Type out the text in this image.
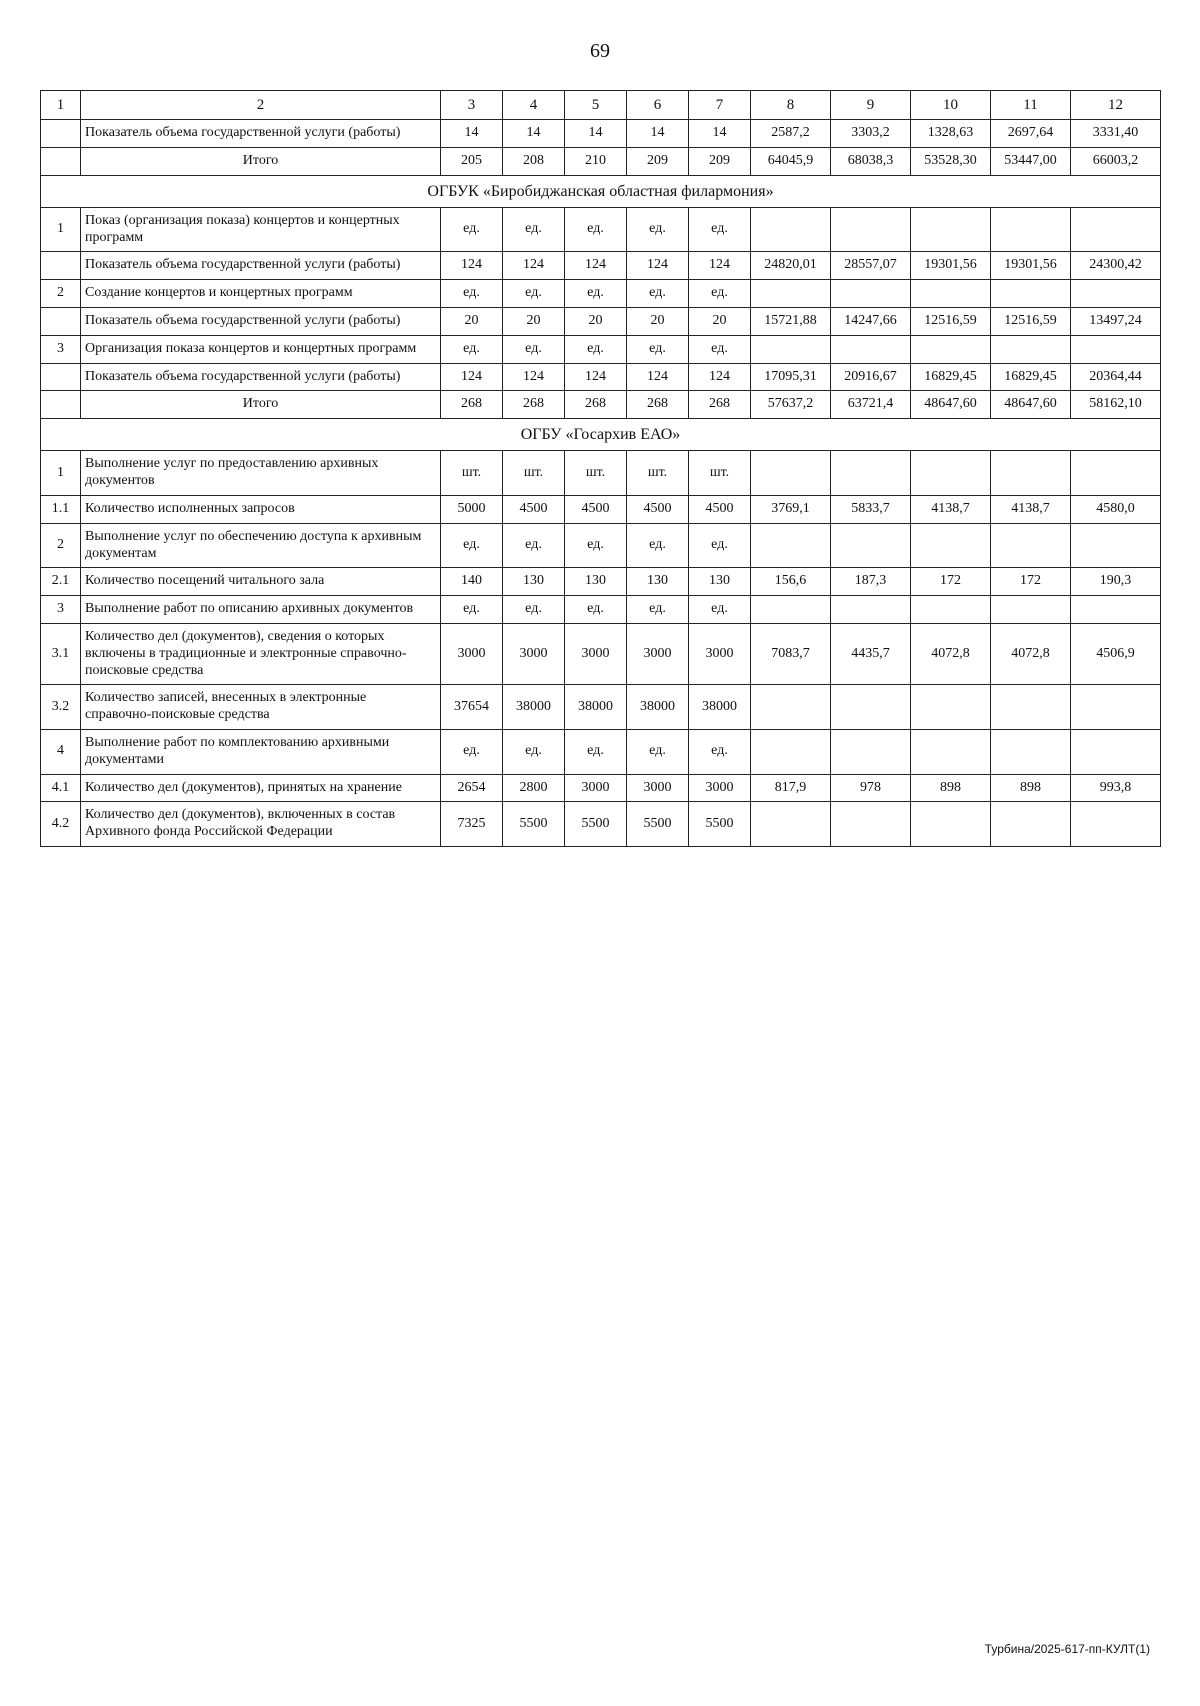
69
1	2	3	4	5	6	7	8	9	10	11	12
	Показатель объема государственной услуги (работы)	14	14	14	14	14	2587,2	3303,2	1328,63	2697,64	3331,40
	Итого	205	208	210	209	209	64045,9	68038,3	53528,30	53447,00	66003,2
ОГБУК «Биробиджанская областная филармония»											
1	Показ (организация показа) концертов и концертных программ	ед.	ед.	ед.	ед.	ед.					
	Показатель объема государственной услуги (работы)	124	124	124	124	124	24820,01	28557,07	19301,56	19301,56	24300,42
2	Создание концертов и концертных программ	ед.	ед.	ед.	ед.	ед.					
	Показатель объема государственной услуги (работы)	20	20	20	20	20	15721,88	14247,66	12516,59	12516,59	13497,24
3	Организация показа концертов и концертных программ	ед.	ед.	ед.	ед.	ед.					
	Показатель объема государственной услуги (работы)	124	124	124	124	124	17095,31	20916,67	16829,45	16829,45	20364,44
	Итого	268	268	268	268	268	57637,2	63721,4	48647,60	48647,60	58162,10
ОГБУ «Госархив ЕАО»											
1	Выполнение услуг по предоставлению архивных документов	шт.	шт.	шт.	шт.	шт.					
1.1	Количество исполненных запросов	5000	4500	4500	4500	4500	3769,1	5833,7	4138,7	4138,7	4580,0
2	Выполнение услуг по обеспечению доступа к архивным документам	ед.	ед.	ед.	ед.	ед.					
2.1	Количество посещений читального зала	140	130	130	130	130	156,6	187,3	172	172	190,3
3	Выполнение работ по описанию архивных документов	ед.	ед.	ед.	ед.	ед.					
3.1	Количество дел (документов), сведения о которых включены в традиционные и электронные справочно-поисковые средства	3000	3000	3000	3000	3000	7083,7	4435,7	4072,8	4072,8	4506,9
3.2	Количество записей, внесенных в электронные справочно-поисковые средства	37654	38000	38000	38000	38000					
4	Выполнение работ по комплектованию архивными документами	ед.	ед.	ед.	ед.	ед.					
4.1	Количество дел (документов), принятых на хранение	2654	2800	3000	3000	3000	817,9	978	898	898	993,8
4.2	Количество дел (документов), включенных в состав Архивного фонда Российской Федерации	7325	5500	5500	5500	5500					
Турбина/2025-617-пп-КУЛТ(1)
